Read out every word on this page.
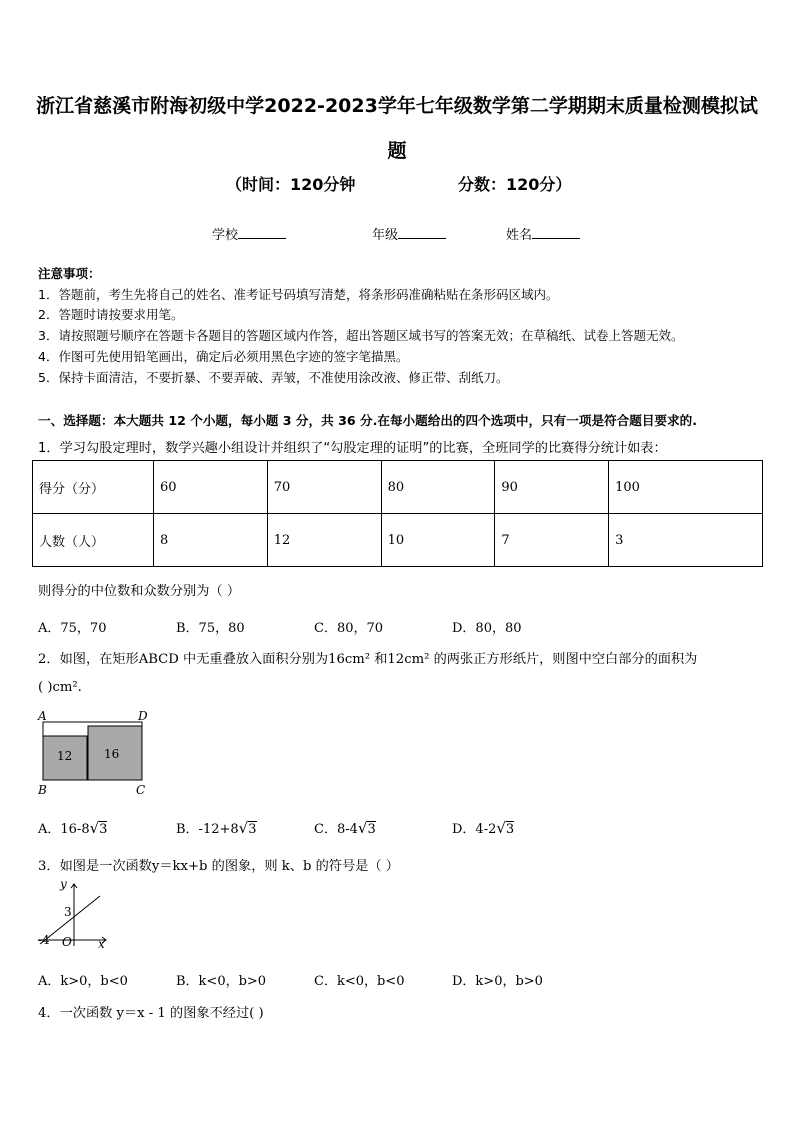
浙江省慈溪市附海初级中学2022-2023学年七年级数学第二学期期末质量检测模拟试
题
（时间：120分钟	分数：120分）
学校	年级	姓名
注意事项：
1．答题前，考生先将自己的姓名、准考证号码填写清楚，将条形码准确粘贴在条形码区域内。
2．答题时请按要求用笔。
3．请按照题号顺序在答题卡各题目的答题区域内作答，超出答题区域书写的答案无效；在草稿纸、试卷上答题无效。
4．作图可先使用铅笔画出，确定后必须用黑色字迹的签字笔描黑。
5．保持卡面清洁，不要折暴、不要弄破、弄皱，不准使用涂改液、修正带、刮纸刀。
一、选择题：本大题共 12 个小题，每小题 3 分，共 36 分.在每小题给出的四个选项中，只有一项是符合题目要求的.
1．学习勾股定理时，数学兴趣小组设计并组织了“勾股定理的证明”的比赛，全班同学的比赛得分统计如表：
得分（分）	60	70	80	90	100
人数（人）	8	12	10	7	3
则得分的中位数和众数分别为（ ）
A．75，70	B．75，80	C．80，70	D．80，80
2．如图，在矩形ABCD 中无重叠放入面积分别为16cm² 和12cm² 的两张正方形纸片，则图中空白部分的面积为
( )cm².
12	16
A	D
B	C
A．16-8√3	B．-12+8√3	C．8-4√3	D．4-2√3
3．如图是一次函数y＝kx+b 的图象，则 k、b 的符号是（ ）
y
x
O
3
-4
A．k>0，b<0	B．k<0，b>0	C．k<0，b<0	D．k>0，b>0
4．一次函数 y＝x - 1 的图象不经过( )
